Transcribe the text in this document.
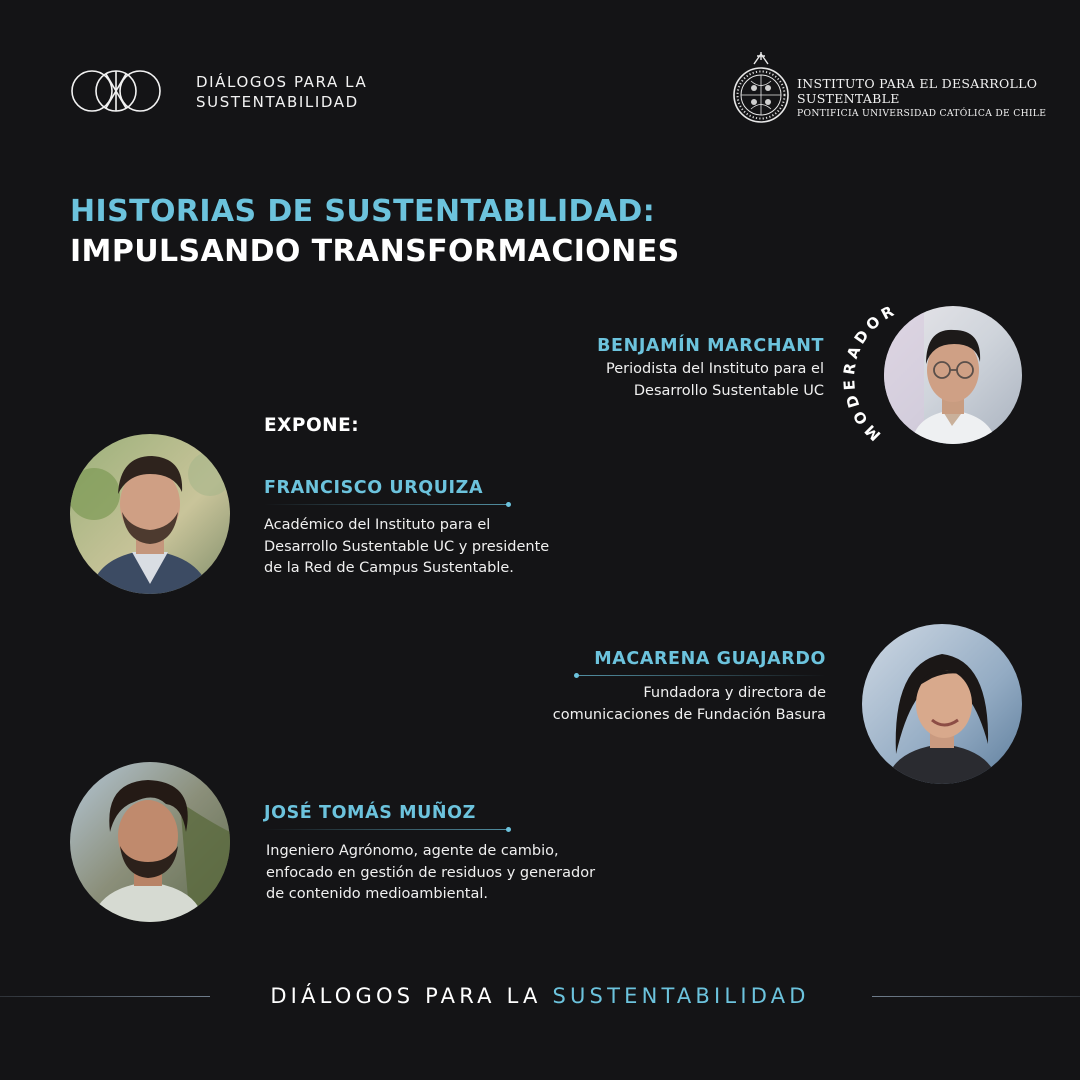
DIÁLOGOS PARA LA
SUSTENTABILIDAD
INSTITUTO PARA EL DESARROLLO
SUSTENTABLE
PONTIFICIA UNIVERSIDAD CATÓLICA DE CHILE
HISTORIAS DE SUSTENTABILIDAD:
IMPULSANDO TRANSFORMACIONES
BENJAMÍN MARCHANT
Periodista del Instituto para el
Desarrollo Sustentable UC
MODERADOR
EXPONE:
FRANCISCO URQUIZA
Académico del Instituto para el
Desarrollo Sustentable UC y presidente
de la Red de Campus Sustentable.
MACARENA GUAJARDO
Fundadora y directora de
comunicaciones de Fundación Basura
JOSÉ TOMÁS MUÑOZ
Ingeniero Agrónomo, agente de cambio,
enfocado en gestión de residuos y generador
de contenido medioambiental.
DIÁLOGOS PARA LA SUSTENTABILIDAD
